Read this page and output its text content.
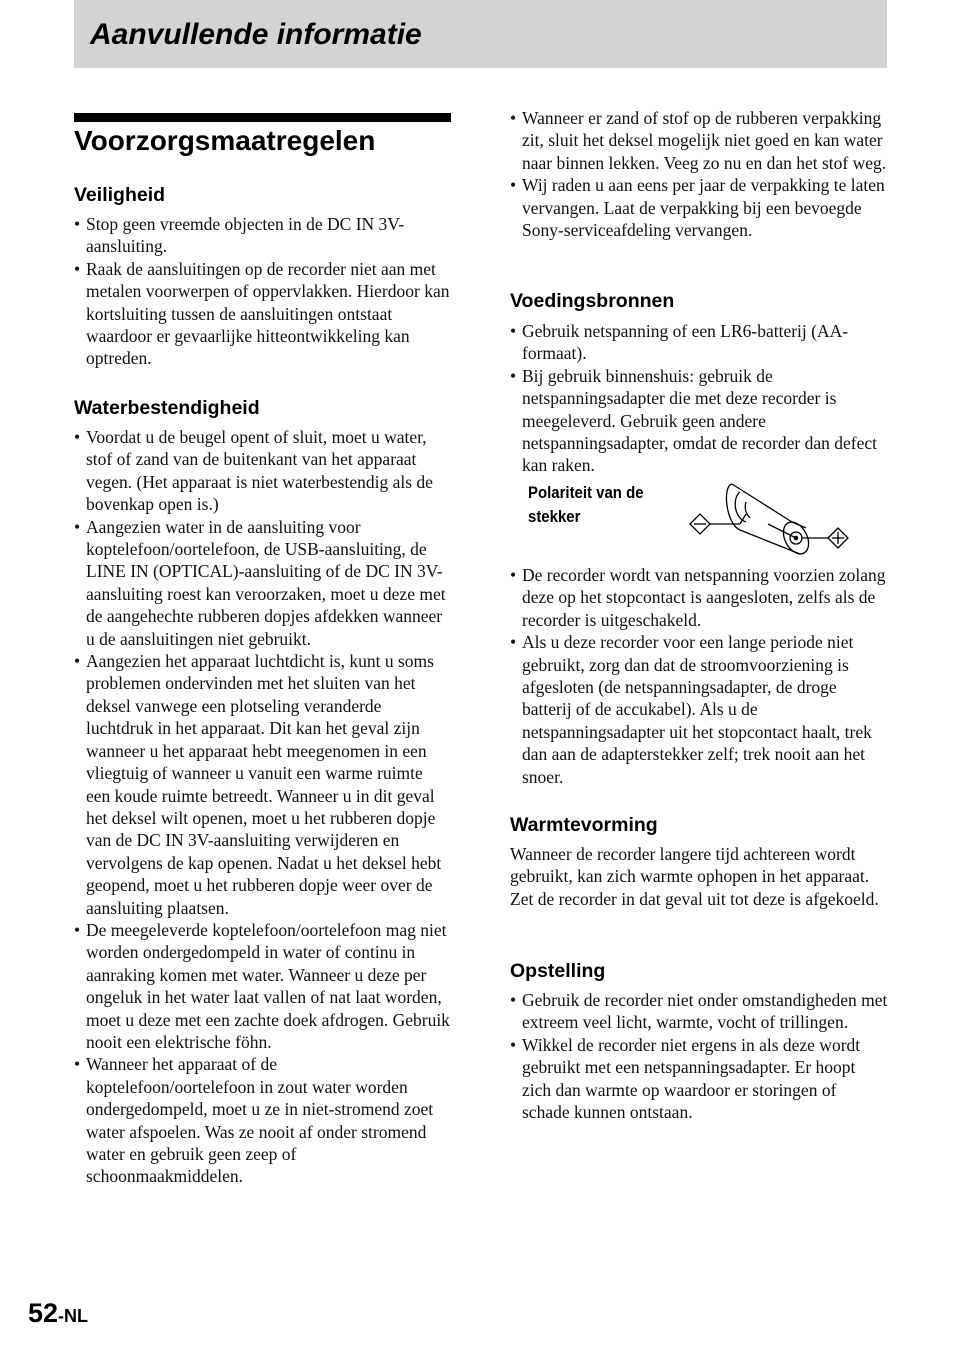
Aanvullende informatie
Voorzorgsmaatregelen
Veiligheid
• Stop geen vreemde objecten in de DC IN 3V-aansluiting.
• Raak de aansluitingen op de recorder niet aan met metalen voorwerpen of oppervlakken. Hierdoor kan kortsluiting tussen de aansluitingen ontstaat waardoor er gevaarlijke hitteontwikkeling kan optreden.
Waterbestendigheid
• Voordat u de beugel opent of sluit, moet u water, stof of zand van de buitenkant van het apparaat vegen. (Het apparaat is niet waterbestendig als de bovenkap open is.)
• Aangezien water in de aansluiting voor koptelefoon/oortelefoon, de USB-aansluiting, de LINE IN (OPTICAL)-aansluiting of de DC IN 3V-aansluiting roest kan veroorzaken, moet u deze met de aangehechte rubberen dopjes afdekken wanneer u de aansluitingen niet gebruikt.
• Aangezien het apparaat luchtdicht is, kunt u soms problemen ondervinden met het sluiten van het deksel vanwege een plotseling veranderde luchtdruk in het apparaat. Dit kan het geval zijn wanneer u het apparaat hebt meegenomen in een vliegtuig of wanneer u vanuit een warme ruimte een koude ruimte betreedt. Wanneer u in dit geval het deksel wilt openen, moet u het rubberen dopje van de DC IN 3V-aansluiting verwijderen en vervolgens de kap openen. Nadat u het deksel hebt geopend, moet u het rubberen dopje weer over de aansluiting plaatsen.
• De meegeleverde koptelefoon/oortelefoon mag niet worden ondergedompeld in water of continu in aanraking komen met water. Wanneer u deze per ongeluk in het water laat vallen of nat laat worden, moet u deze met een zachte doek afdrogen. Gebruik nooit een elektrische föhn.
• Wanneer het apparaat of de koptelefoon/oortelefoon in zout water worden ondergedompeld, moet u ze in niet-stromend zoet water afspoelen. Was ze nooit af onder stromend water en gebruik geen zeep of schoonmaakmiddelen.
• Wanneer er zand of stof op de rubberen verpakking zit, sluit het deksel mogelijk niet goed en kan water naar binnen lekken. Veeg zo nu en dan het stof weg.
• Wij raden u aan eens per jaar de verpakking te laten vervangen. Laat de verpakking bij een bevoegde Sony-serviceafdeling vervangen.
Voedingsbronnen
• Gebruik netspanning of een LR6-batterij (AA-formaat).
• Bij gebruik binnenshuis: gebruik de netspanningsadapter die met deze recorder is meegeleverd. Gebruik geen andere netspanningsadapter, omdat de recorder dan defect kan raken.

Polariteit van de stekker

• De recorder wordt van netspanning voorzien zolang deze op het stopcontact is aangesloten, zelfs als de recorder is uitgeschakeld.
• Als u deze recorder voor een lange periode niet gebruikt, zorg dan dat de stroomvoorziening is afgesloten (de netspanningsadapter, de droge batterij of de accukabel). Als u de netspanningsadapter uit het stopcontact haalt, trek dan aan de adapterstekker zelf; trek nooit aan het snoer.
Warmtevorming

Wanneer de recorder langere tijd achtereen wordt gebruikt, kan zich warmte ophopen in het apparaat. Zet de recorder in dat geval uit tot deze is afgekoeld.

Opstelling
• Gebruik de recorder niet onder omstandigheden met extreem veel licht, warmte, vocht of trillingen.
• Wikkel de recorder niet ergens in als deze wordt gebruikt met een netspanningsadapter. Er hoopt zich dan warmte op waardoor er storingen of schade kunnen ontstaan.

52-NL
